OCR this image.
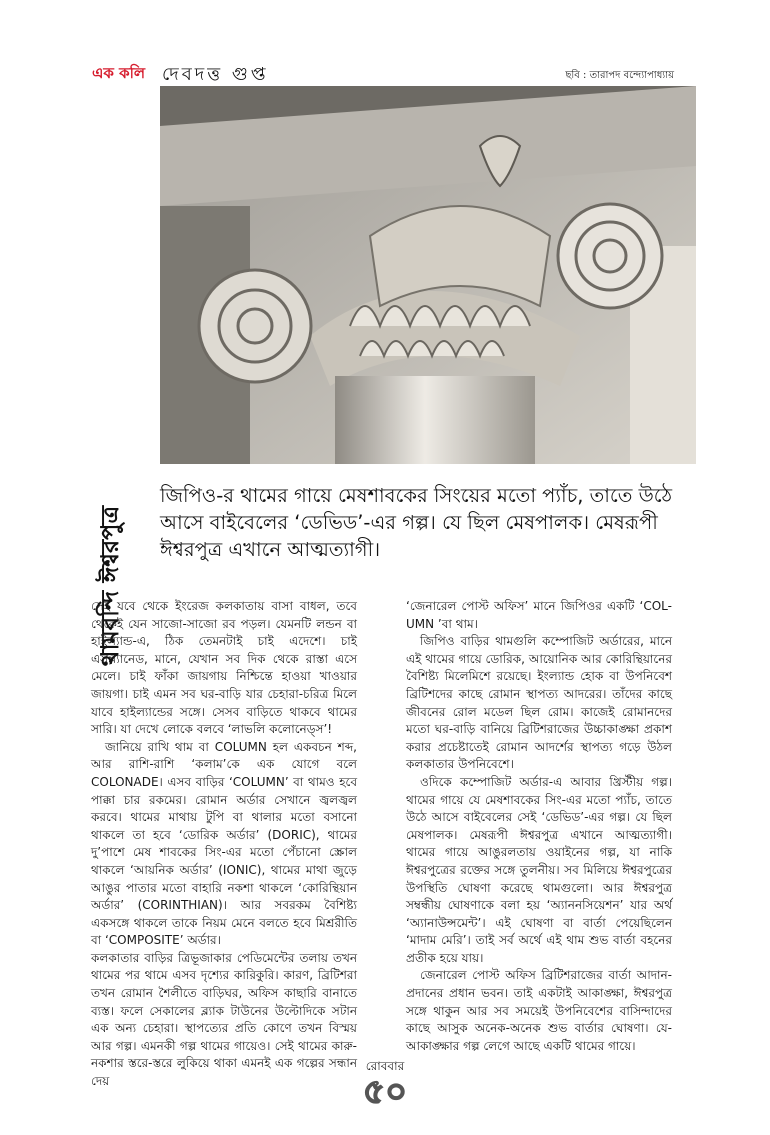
এক কলি দেবদত্ত গুপ্ত	ছবি : তারাপদ বন্দ্যোপাধ্যায়
থামবন্দি ঈশ্বরপুত্র
জিপিও-র থামের গায়ে মেষশাবকের সিংয়ের মতো প্যাঁচ, তাতে উঠে আসে বাইবেলের ‘ডেভিড’-এর গল্প। যে ছিল মেষপালক। মেষরূপী ঈশ্বরপুত্র এখানে আত্মত্যাগী।

সেই যবে থেকে ইংরেজ কলকাতায় বাসা বাধল, তবে থেকেই যেন সাজো-সাজো রব পড়ল। যেমনটি লন্ডন বা হাইল্যান্ড-এ, ঠিক তেমনটাই চাই এদেশে। চাই এসপ্ল্যানেড, মানে, যেখান সব দিক থেকে রাস্তা এসে মেলে। চাই ফাঁকা জায়গায় নিশ্চিন্তে হাওয়া খাওয়ার জায়গা। চাই এমন সব ঘর-বাড়ি যার চেহারা-চরিত্র মিলে যাবে হাইল্যান্ডের সঙ্গে। সেসব বাড়িতে থাকবে থামের সারি। যা দেখে লোকে বলবে ‘লাভলি কলোনেড্স’!

জানিয়ে রাখি থাম বা COLUMN হল একবচন শব্দ, আর রাশি-রাশি ‘কলাম’কে এক যোগে বলে COLONADE। এসব বাড়ির ‘COLUMN’ বা থামও হবে পাক্কা চার রকমের। রোমান অর্ডার সেখানে জ্বলজ্বল করবে। থামের মাথায় টুপি বা থালার মতো বসানো থাকলে তা হবে ‘ডোরিক অর্ডার’ (DORIC), থামের দু’পাশে মেষ শাবকের সিং-এর মতো পেঁচানো স্ক্রোল থাকলে ‘আয়নিক অর্ডার’ (IONIC), থামের মাথা জুড়ে আঙুর পাতার মতো বাহারি নকশা থাকলে ‘কোরিন্থিয়ান অর্ডার’ (CORINTHIAN)। আর সবরকম বৈশিষ্ট্য একসঙ্গে থাকলে তাকে নিয়ম মেনে বলতে হবে মিশ্ররীতি বা ‘COMPOSITE’ অর্ডার।

কলকাতার বাড়ির ত্রিভূজাকার পেডিমেন্টের তলায় তখন থামের পর থামে এসব দৃশ্যের কারিকুরি। কারণ, ব্রিটিশরা তখন রোমান শৈলীতে বাড়িঘর, অফিস কাছারি বানাতে ব্যস্ত। ফলে সেকালের ব্ল্যাক টাউনের উল্টোদিকে সটান এক অন্য চেহারা। স্থাপত্যের প্রতি কোণে তখন বিস্ময় আর গল্প। এমনকী গল্প থামের গায়েও। সেই থামের কারু-নকশার স্তরে-স্তরে লুকিয়ে থাকা এমনই এক গল্পের সন্ধান দেয়

‘জেনারেল পোস্ট অফিস’ মানে জিপিওর একটি ‘COL-UMN ’বা থাম।

জিপিও বাড়ির থামগুলি কম্পোজিট অর্ডারের, মানে এই থামের গায়ে ডোরিক, আয়োনিক আর কোরিন্থিয়ানের বৈশিষ্ট্য মিলেমিশে রয়েছে। ইংল্যান্ড হোক বা উপনিবেশ ব্রিটিশদের কাছে রোমান স্থাপত্য আদরের। তাঁদের কাছে জীবনের রোল মডেল ছিল রোম। কাজেই রোমানদের মতো ঘর-বাড়ি বানিয়ে ব্রিটিশরাজের উচ্চাকাঙ্ক্ষা প্রকাশ করার প্রচেষ্টাতেই রোমান আদর্শের স্থাপত্য গড়ে উঠল কলকাতার উপনিবেশে।

ওদিকে কম্পোজিট অর্ডার-এ আবার খ্রিস্টীয় গল্প। থামের গায়ে যে মেষশাবকের সিং-এর মতো প্যাঁচ, তাতে উঠে আসে বাইবেলের সেই ‘ডেভিড’-এর গল্প। যে ছিল মেষপালক। মেষরূপী ঈশ্বরপুত্র এখানে আত্মত্যাগী। থামের গায়ে আঙুরলতায় ওয়াইনের গল্প, যা নাকি ঈশ্বরপুত্রের রক্তের সঙ্গে তুলনীয়। সব মিলিয়ে ঈশ্বরপুত্রের উপস্থিতি ঘোষণা করেছে থামগুলো। আর ঈশ্বরপুত্র সম্বন্ধীয় ঘোষণাকে বলা হয় ‘অ্যাননসিয়েশন’ যার অর্থ ‘অ্যানাউন্সমেন্ট’। এই ঘোষণা বা বার্তা পেয়েছিলেন ‘মাদাম মেরি’। তাই সর্ব অর্থে এই থাম শুভ বার্তা বহনের প্রতীক হয়ে যায়।

জেনারেল পোস্ট অফিস ব্রিটিশরাজের বার্তা আদান-প্রদানের প্রধান ভবন। তাই একটাই আকাঙ্ক্ষা, ঈশ্বরপুত্র সঙ্গে থাকুন আর সব সময়েই উপনিবেশের বাসিন্দাদের কাছে আসুক অনেক-অনেক শুভ বার্তার ঘোষণা। যে-আকাঙ্ক্ষার গল্প লেগে আছে একটি থামের গায়ে।

রোববার
৫০
